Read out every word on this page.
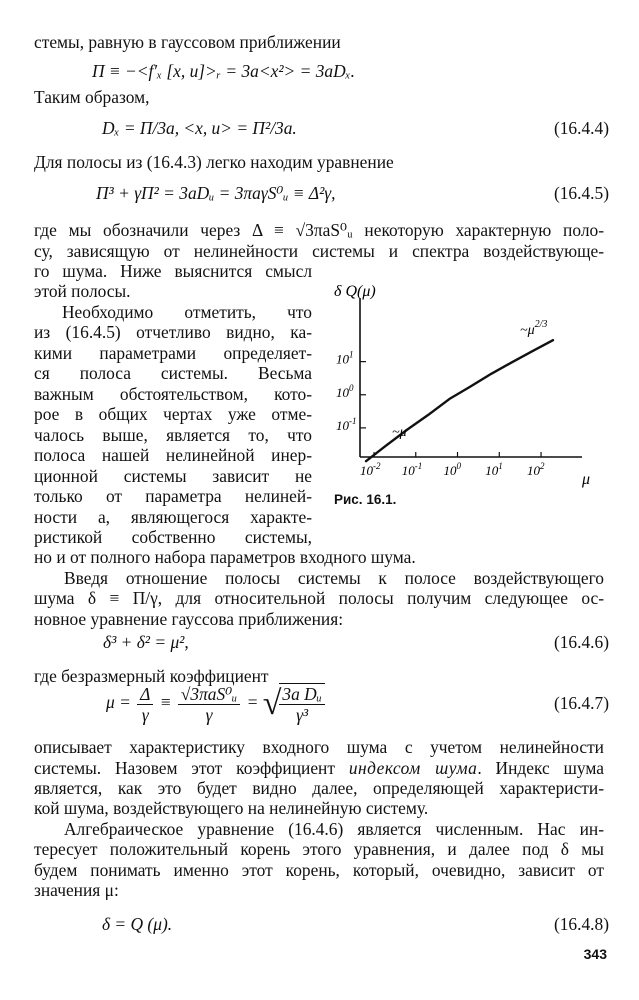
стемы, равную в гауссовом приближении
П ≡ −<f′ₓ [x, u]>ᵣ = 3a<x²> = 3aDₓ.
Таким образом,
Dₓ = П/3a, <x, u> = П²/3a.	(16.4.4)
Для полосы из (16.4.3) легко находим уравнение
П³ + γП² = 3aDᵤ = 3πaγS⁰ᵤ ≡ Δ²γ,	(16.4.5)
где мы обозначили через Δ ≡ √3πaS⁰ᵤ некоторую характерную поло-
су, зависящую от нелинейности системы и спектра воздействующе-
го шума. Ниже выяснится смысл
этой полосы.
Необходимо отметить, что
из (16.4.5) отчетливо видно, ка-
кими параметрами определяет-
ся полоса системы. Весьма
важным обстоятельством, кото-
рое в общих чертах уже отме-
чалось выше, является то, что
полоса нашей нелинейной инер-
ционной системы зависит не
только от параметра нелиней-
ности a, являющегося характе-
ристикой собственно системы,
δ Q(μ)
$10^{-1}$
$10^0$
$10^1$
$10^{-2}$ $10^{-1}$ $10^0$ $10^1$ $10^2$
$\sim\mu^{2/3}$
~μ
μ
Рис. 16.1.
но и от полного набора параметров входного шума.
Введя отношение полосы системы к полосе воздействующего
шума δ ≡ П/γ, для относительной полосы получим следующее ос-
новное уравнение гауссова приближения:
δ³ + δ² = μ²,	(16.4.6)
где безразмерный коэффициент
$\mu = \frac{\Delta}{\gamma} \equiv \frac{\text{√3πaS⁰ᵤ}}{\gamma}$ = √
$\frac{\text{3a Dᵤ}}{\text{γ³}}$	(16.4.7)
описывает характеристику входного шума с учетом нелинейности
системы. Назовем этот коэффициент индексом шума. Индекс шума
является, как это будет видно далее, определяющей характеристи-
кой шума, воздействующего на нелинейную систему.
Алгебраическое уравнение (16.4.6) является численным. Нас ин-
тересует положительный корень этого уравнения, и далее под δ мы
будем понимать именно этот корень, который, очевидно, зависит от
значения μ:
δ = Q (μ).	(16.4.8)
343
